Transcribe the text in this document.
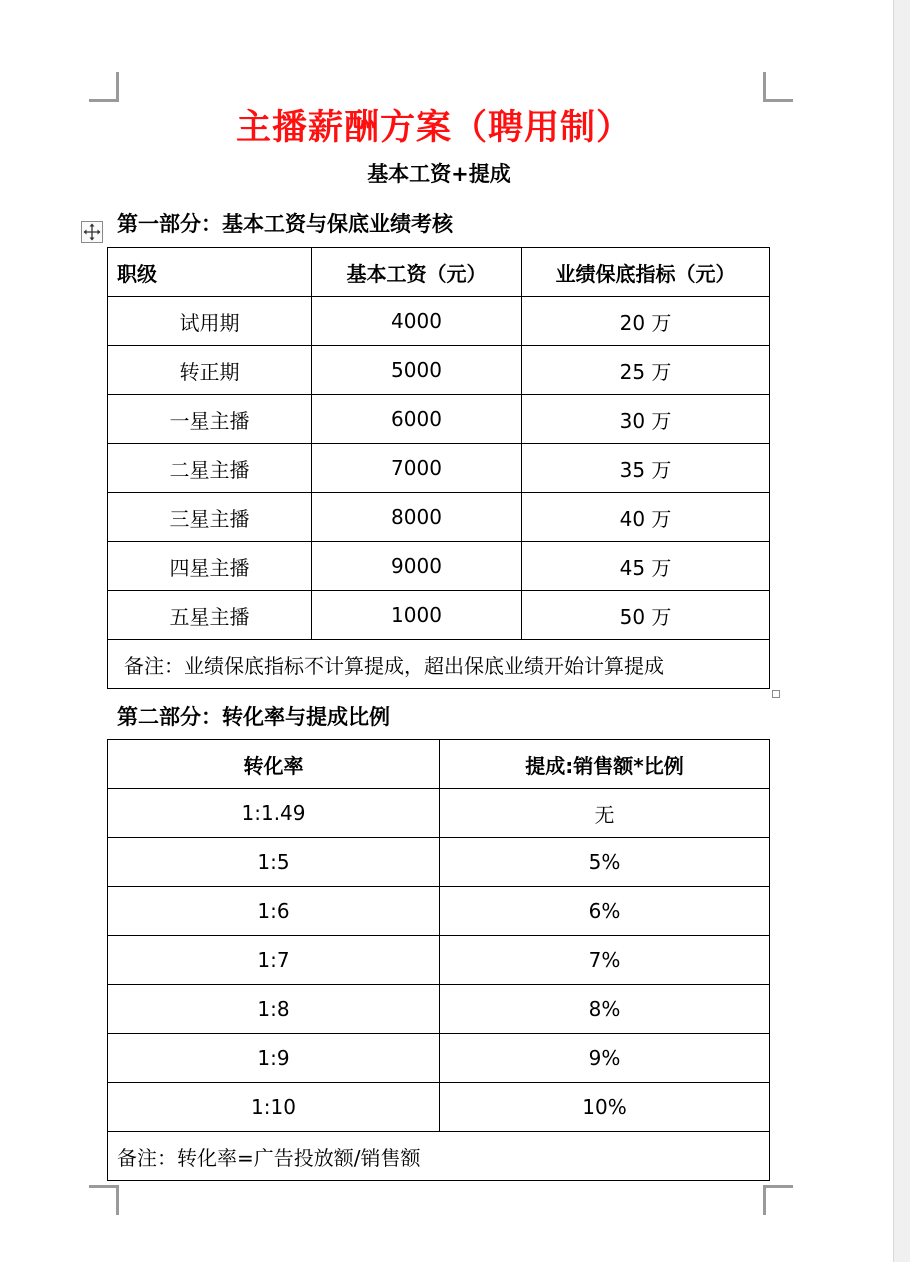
主播薪酬方案（聘用制）
基本工资+提成
第一部分：基本工资与保底业绩考核
职级	基本工资（元）	业绩保底指标（元）
试用期	4000	20 万
转正期	5000	25 万
一星主播	6000	30 万
二星主播	7000	35 万
三星主播	8000	40 万
四星主播	9000	45 万
五星主播	1000	50 万
备注：业绩保底指标不计算提成，超出保底业绩开始计算提成		
第二部分：转化率与提成比例
转化率	提成:销售额*比例
1:1.49	无
1:5	5%
1:6	6%
1:7	7%
1:8	8%
1:9	9%
1:10	10%
备注：转化率=广告投放额/销售额	
